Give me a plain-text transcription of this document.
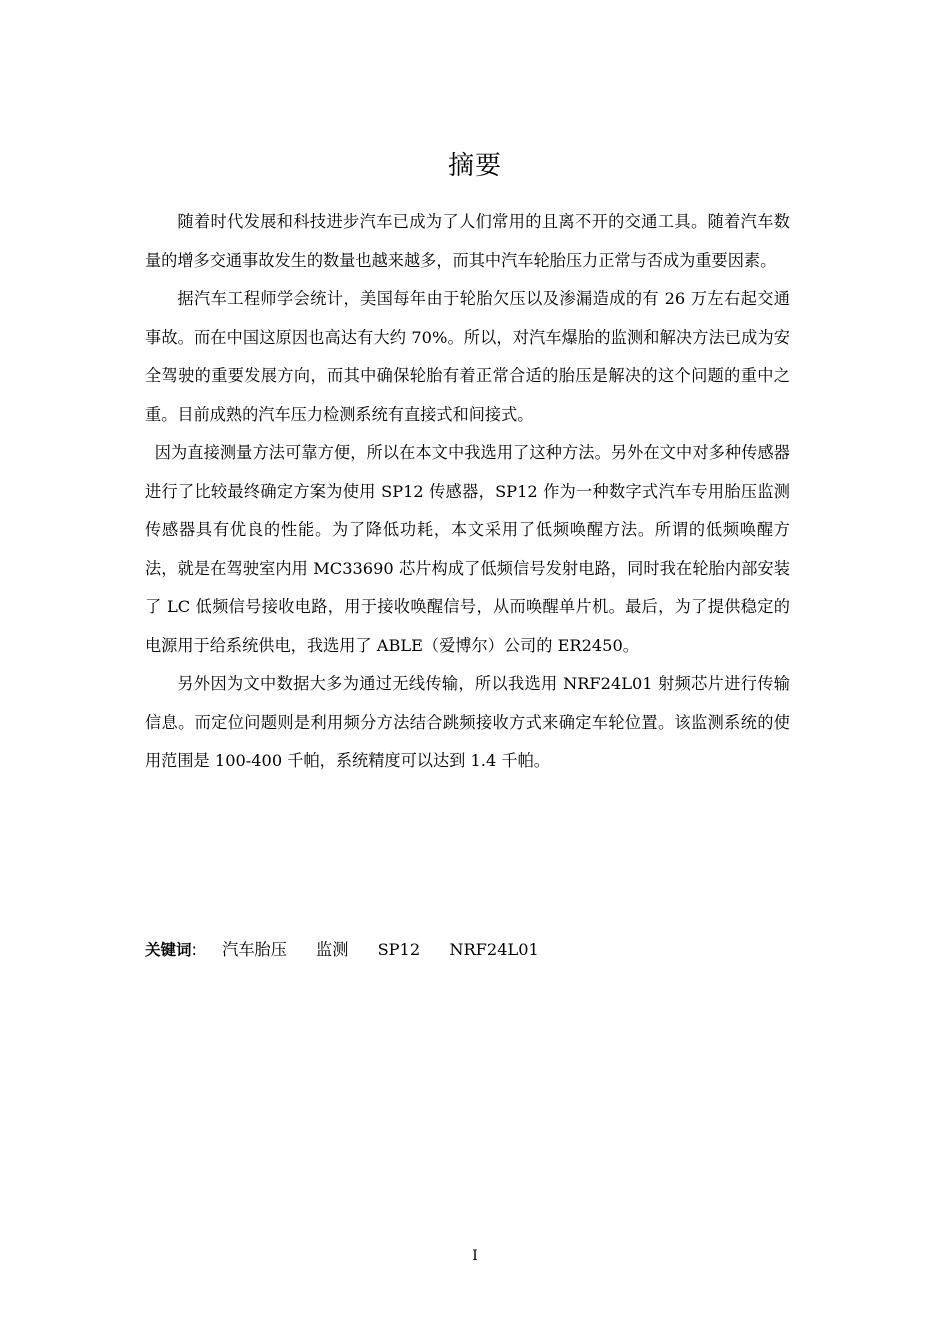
摘要

随着时代发展和科技进步汽车已成为了人们常用的且离不开的交通工具。随着汽车数量的增多交通事故发生的数量也越来越多，而其中汽车轮胎压力正常与否成为重要因素。

据汽车工程师学会统计，美国每年由于轮胎欠压以及渗漏造成的有 26 万左右起交通事故。而在中国这原因也高达有大约 70%。所以，对汽车爆胎的监测和解决方法已成为安全驾驶的重要发展方向，而其中确保轮胎有着正常合适的胎压是解决的这个问题的重中之重。目前成熟的汽车压力检测系统有直接式和间接式。

因为直接测量方法可靠方便，所以在本文中我选用了这种方法。另外在文中对多种传感器进行了比较最终确定方案为使用 SP12 传感器，SP12 作为一种数字式汽车专用胎压监测传感器具有优良的性能。为了降低功耗，本文采用了低频唤醒方法。所谓的低频唤醒方法，就是在驾驶室内用 MC33690 芯片构成了低频信号发射电路，同时我在轮胎内部安装了 LC 低频信号接收电路，用于接收唤醒信号，从而唤醒单片机。最后，为了提供稳定的电源用于给系统供电，我选用了 ABLE（爱博尔）公司的 ER2450。

另外因为文中数据大多为通过无线传输，所以我选用 NRF24L01 射频芯片进行传输信息。而定位问题则是利用频分方法结合跳频接收方式来确定车轮位置。该监测系统的使用范围是 100-400 千帕，系统精度可以达到 1.4 千帕。

关键词: 汽车胎压 监测 SP12 NRF24L01
I
